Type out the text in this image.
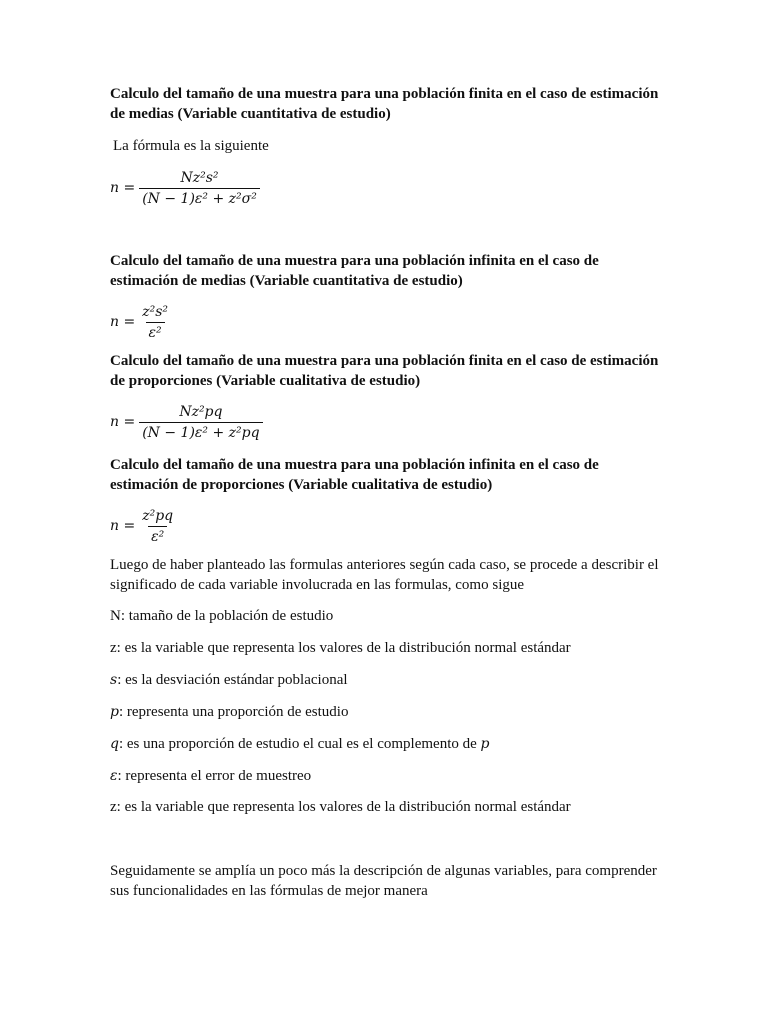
Calculo del tamaño de una muestra para una población finita en el caso de estimación de medias (Variable cuantitativa de estudio)
La fórmula es la siguiente
$n = \frac{\text{Nz²s²}}{\text{(N − 1)ε² + z²σ²}}$
Calculo del tamaño de una muestra para una población infinita en el caso de estimación de medias (Variable cuantitativa de estudio)
$n = \frac{\text{z²s²}}{\text{ε²}}$
Calculo del tamaño de una muestra para una población finita en el caso de estimación de proporciones (Variable cualitativa de estudio)
$n = \frac{\text{Nz²pq}}{\text{(N − 1)ε² + z²pq}}$
Calculo del tamaño de una muestra para una población infinita en el caso de estimación de proporciones (Variable cualitativa de estudio)
$n = \frac{\text{z²pq}}{\text{ε²}}$
Luego de haber planteado las formulas anteriores según cada caso, se procede a describir el significado de cada variable involucrada en las formulas, como sigue
N: tamaño de la población de estudio
z: es la variable que representa los valores de la distribución normal estándar
s: es la desviación estándar poblacional
p: representa una proporción de estudio
q: es una proporción de estudio el cual es el complemento de p
ε: representa el error de muestreo
z: es la variable que representa los valores de la distribución normal estándar
Seguidamente se amplía un poco más la descripción de algunas variables, para comprender sus funcionalidades en las fórmulas de mejor manera
